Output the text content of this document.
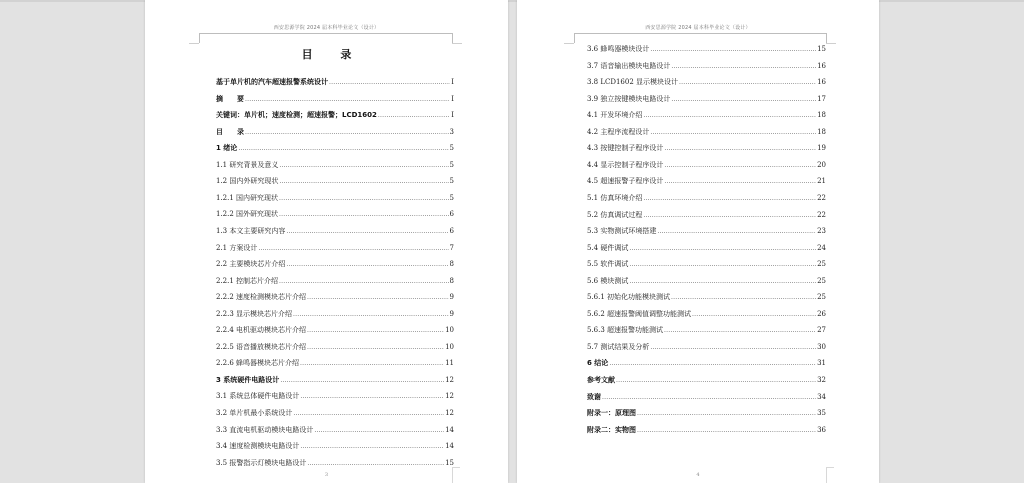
西安思源学院 2024 届本科毕业论文（设计）
目 录
基于单片机的汽车超速报警系统设计 .....	I
摘　　要 .....	I
关键词：单片机；速度检测；超速报警；LCD1602 .....	I
目　　录 .....	3
1 绪论 .....	5
1.1 研究背景及意义 .....	5
1.2 国内外研究现状 .....	5
1.2.1 国内研究现状 .....	5
1.2.2 国外研究现状 .....	6
1.3 本文主要研究内容 .....	6
2.1 方案设计 .....	7
2.2 主要模块芯片介绍 .....	8
2.2.1 控制芯片介绍 .....	8
2.2.2 速度检测模块芯片介绍 .....	9
2.2.3 显示模块芯片介绍 .....	9
2.2.4 电机驱动模块芯片介绍 .....	10
2.2.5 语音播放模块芯片介绍 .....	10
2.2.6 蜂鸣器模块芯片介绍 .....	11
3 系统硬件电路设计 .....	12
3.1 系统总体硬件电路设计 .....	12
3.2 单片机最小系统设计 .....	12
3.3 直流电机驱动模块电路设计 .....	14
3.4 速度检测模块电路设计 .....	14
3.5 报警指示灯模块电路设计 .....	15
3
西安思源学院 2024 届本科毕业论文（设计）
3.6 蜂鸣器模块设计 .....	15
3.7 语音输出模块电路设计 .....	16
3.8 LCD1602 显示模块设计 .....	16
3.9 独立按键模块电路设计 .....	17
4.1 开发环境介绍 .....	18
4.2 主程序流程设计 .....	18
4.3 按键控制子程序设计 .....	19
4.4 显示控制子程序设计 .....	20
4.5 超速报警子程序设计 .....	21
5.1 仿真环境介绍 .....	22
5.2 仿真调试过程 .....	22
5.3 实物测试环境搭建 .....	23
5.4 硬件调试 .....	24
5.5 软件调试 .....	25
5.6 模块测试 .....	25
5.6.1 初始化功能模块测试 .....	25
5.6.2 超速报警阈值调整功能测试 .....	26
5.6.3 超速报警功能测试 .....	27
5.7 测试结果及分析 .....	30
6 结论 .....	31
参考文献 .....	32
致谢 .....	34
附录一：原理图 .....	35
附录二：实物图 .....	36
4
